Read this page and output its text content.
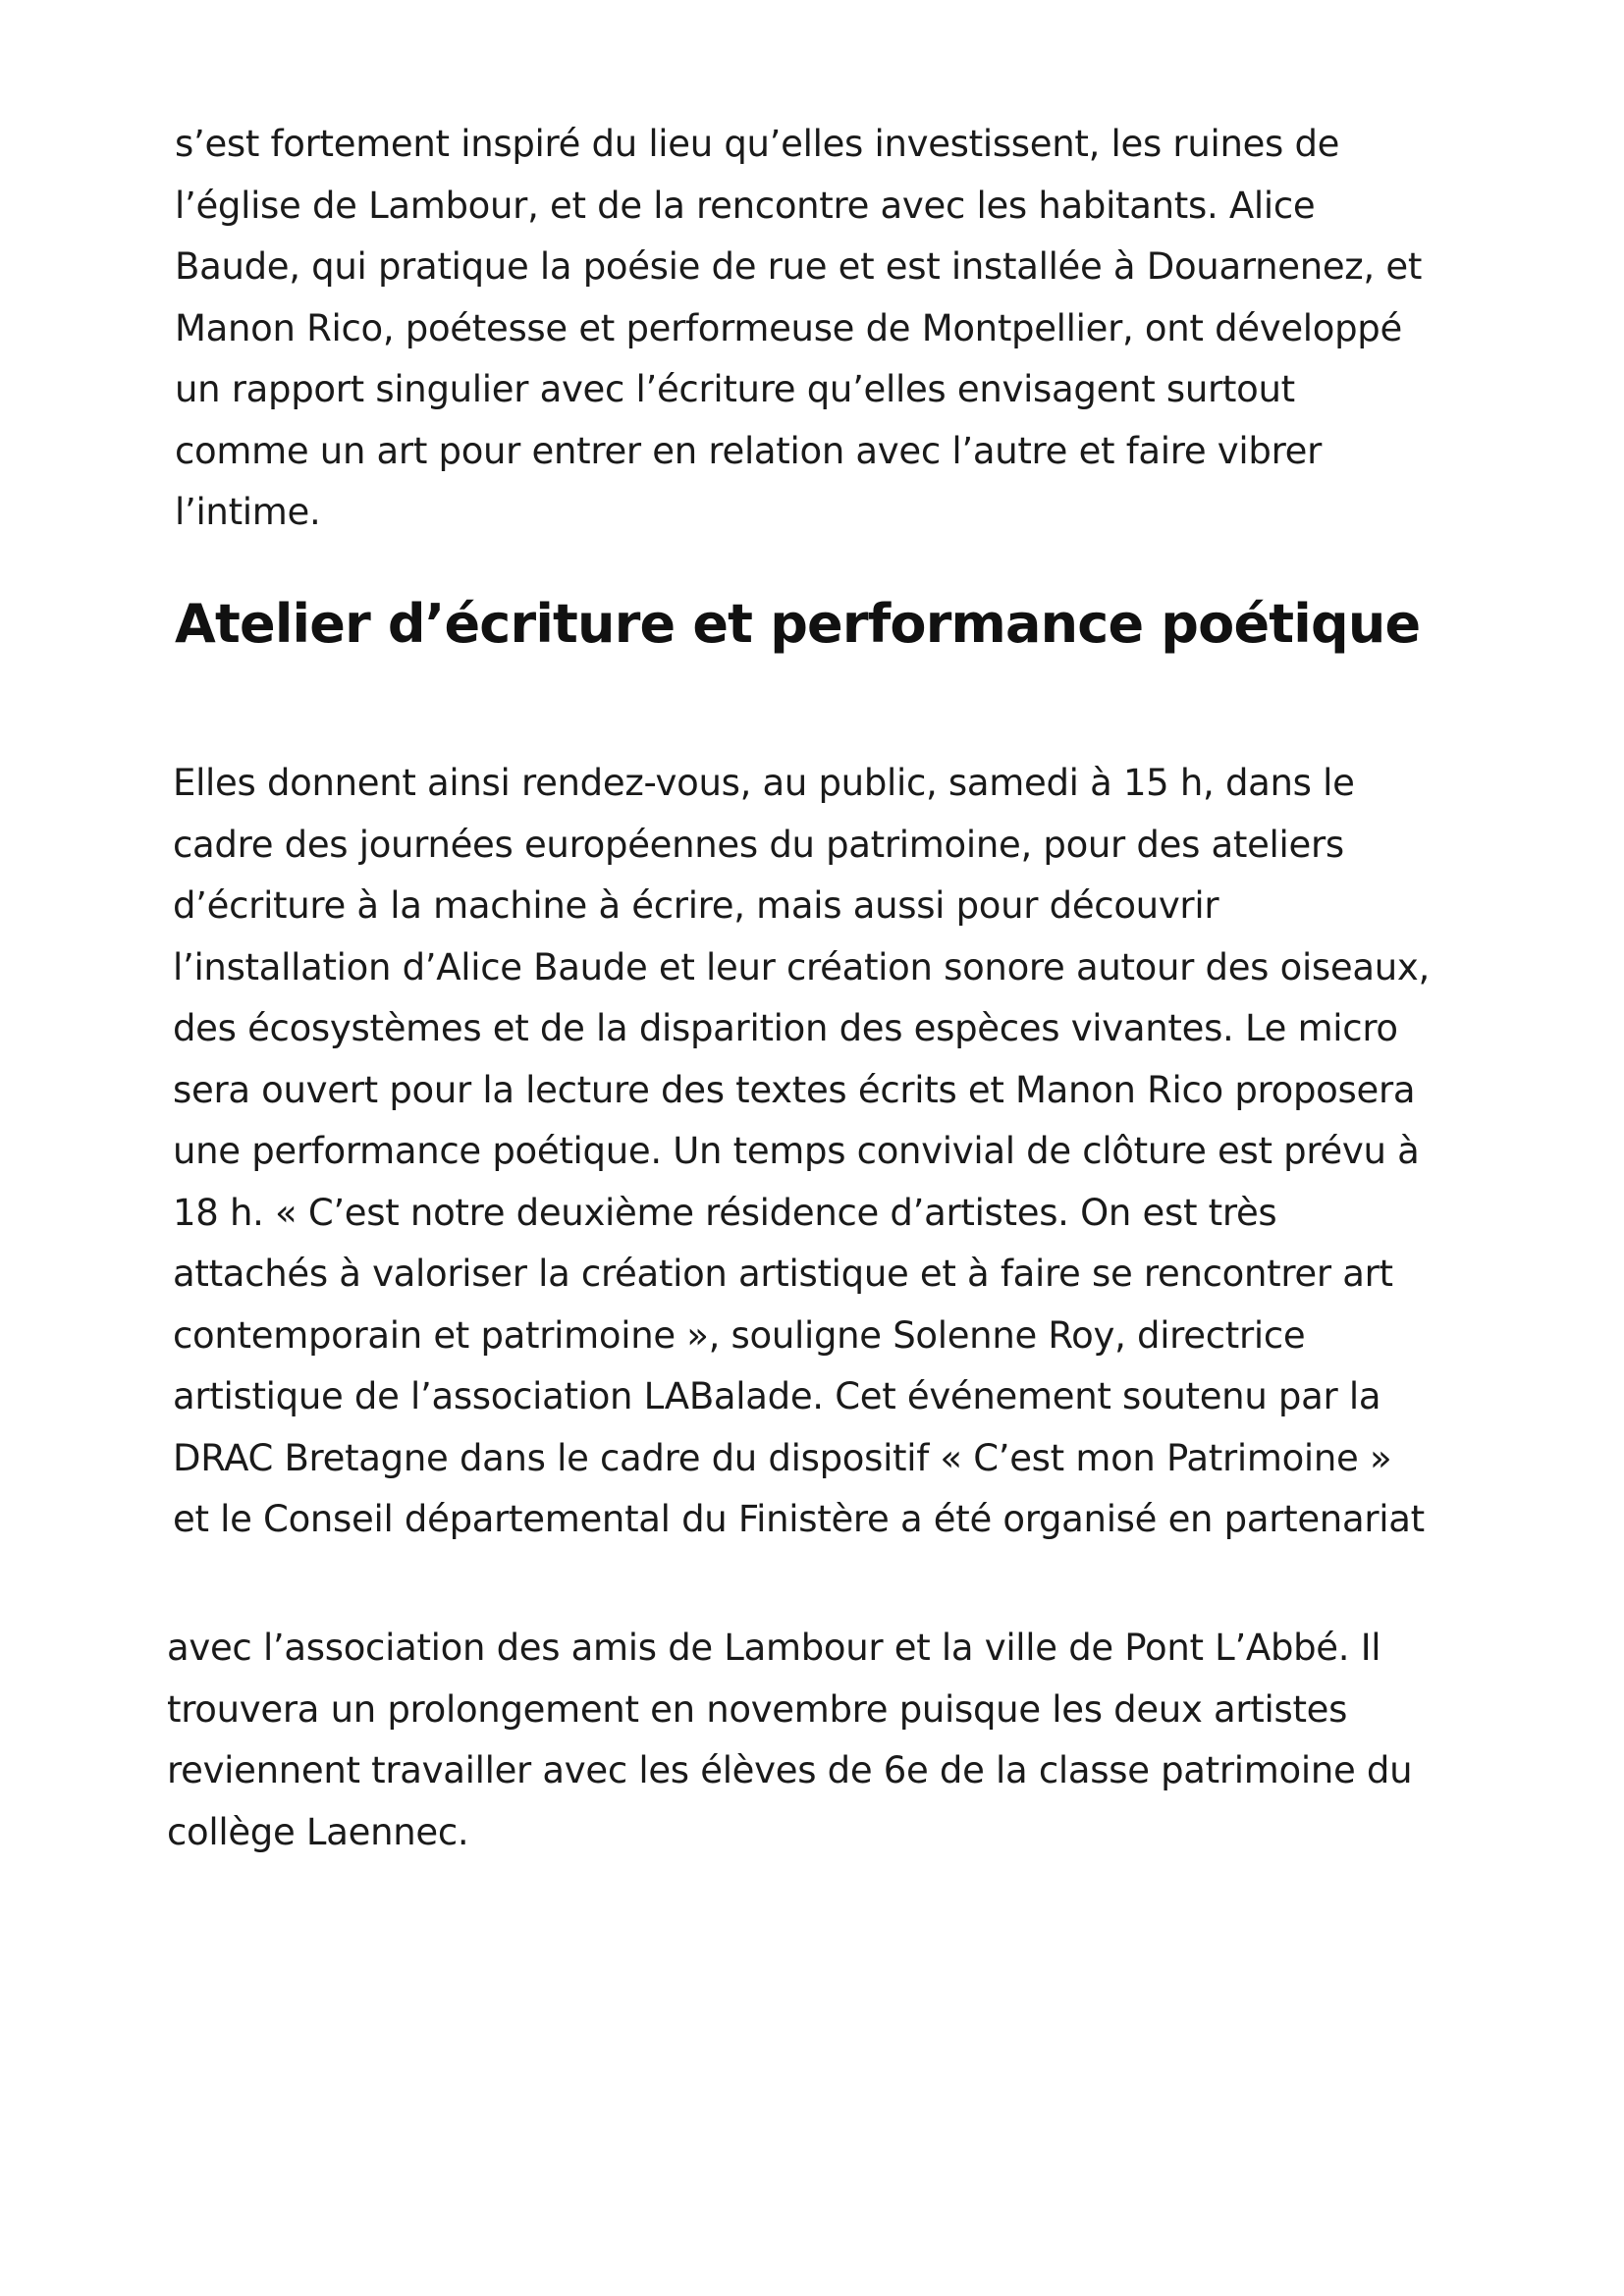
s’est fortement inspiré du lieu qu’elles investissent, les ruines de
l’église de Lambour, et de la rencontre avec les habitants. Alice
Baude, qui pratique la poésie de rue et est installée à Douarnenez, et
Manon Rico, poétesse et performeuse de Montpellier, ont développé
un rapport singulier avec l’écriture qu’elles envisagent surtout
comme un art pour entrer en relation avec l’autre et faire vibrer
l’intime.
Atelier d’écriture et performance poétique
Elles donnent ainsi rendez-vous, au public, samedi à 15 h, dans le
cadre des journées européennes du patrimoine, pour des ateliers
d’écriture à la machine à écrire, mais aussi pour découvrir
l’installation d’Alice Baude et leur création sonore autour des oiseaux,
des écosystèmes et de la disparition des espèces vivantes. Le micro
sera ouvert pour la lecture des textes écrits et Manon Rico proposera
une performance poétique. Un temps convivial de clôture est prévu à
18 h. « C’est notre deuxième résidence d’artistes. On est très
attachés à valoriser la création artistique et à faire se rencontrer art
contemporain et patrimoine », souligne Solenne Roy, directrice
artistique de l’association LABalade. Cet événement soutenu par la
DRAC Bretagne dans le cadre du dispositif « C’est mon Patrimoine »
et le Conseil départemental du Finistère a été organisé en partenariat
avec l’association des amis de Lambour et la ville de Pont L’Abbé. Il
trouvera un prolongement en novembre puisque les deux artistes
reviennent travailler avec les élèves de 6e de la classe patrimoine du
collège Laennec.
